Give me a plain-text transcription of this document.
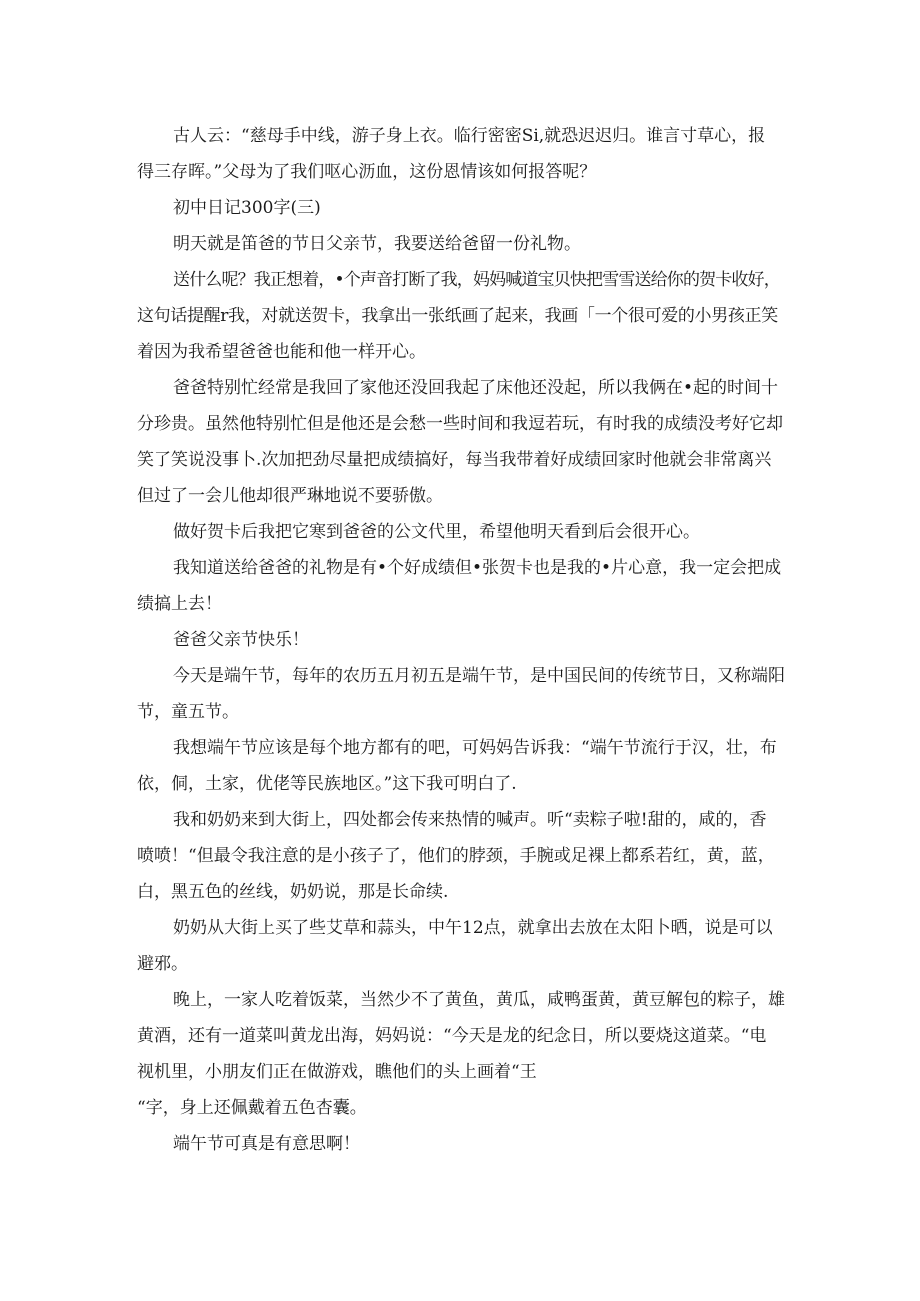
古人云：“慈母手中线，游子身上衣。临行密密Si,就恐迟迟归。谁言寸草心，报
得三存晖。”父母为了我们呕心沥血，这份恩情该如何报答呢？
初中日记300字(三)
明天就是笛爸的节日父亲节，我要送给爸留一份礼物。
送什么呢？我正想着，•个声音打断了我，妈妈喊道宝贝快把雪雪送给你的贺卡收好，
这句话提醒r我，对就送贺卡，我拿出一张纸画了起来，我画「一个很可爱的小男孩正笑
着因为我希望爸爸也能和他一样开心。
爸爸特别忙经常是我回了家他还没回我起了床他还没起，所以我俩在•起的时间十
分珍贵。虽然他特别忙但是他还是会愁一些时间和我逗若玩，有时我的成绩没考好它却
笑了笑说没事卜.次加把劲尽量把成绩搞好，每当我带着好成绩回家时他就会非常离兴
但过了一会儿他却很严琳地说不要骄傲。
做好贺卡后我把它寒到爸爸的公文代里，希望他明天看到后会很开心。
我知道送给爸爸的礼物是有•个好成绩但•张贺卡也是我的•片心意，我一定会把成
绩搞上去！
爸爸父亲节快乐！
今天是端午节，每年的农历五月初五是端午节，是中国民间的传统节日，又称端阳
节，童五节。
我想端午节应该是每个地方都有的吧，可妈妈告诉我：“端午节流行于汉，壮，布
依，侗，土家，优佬等民族地区。”这下我可明白了.
我和奶奶来到大街上，四处都会传来热情的喊声。听“卖粽子啦!甜的，咸的，香
喷喷！“但最令我注意的是小孩子了，他们的脖颈，手腕或足裸上都系若红，黄，蓝，
白，黑五色的丝线，奶奶说，那是长命续.
奶奶从大街上买了些艾草和蒜头，中午12点，就拿出去放在太阳卜晒，说是可以
避邪。
晚上，一家人吃着饭菜，当然少不了黄鱼，黄瓜，咸鸭蛋黄，黄豆解包的粽子，雄
黄酒，还有一道菜叫黄龙出海，妈妈说：“今天是龙的纪念日，所以要烧这道菜。“电
视机里，小朋友们正在做游戏，瞧他们的头上画着“王
“字，身上还佩戴着五色杏囊。
端午节可真是有意思啊！
